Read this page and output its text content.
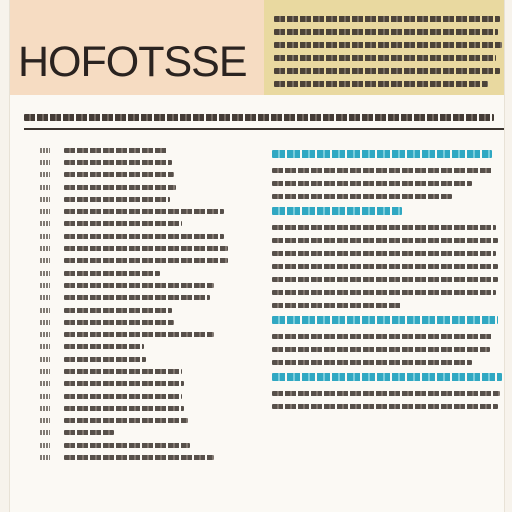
HOFOTSSE
